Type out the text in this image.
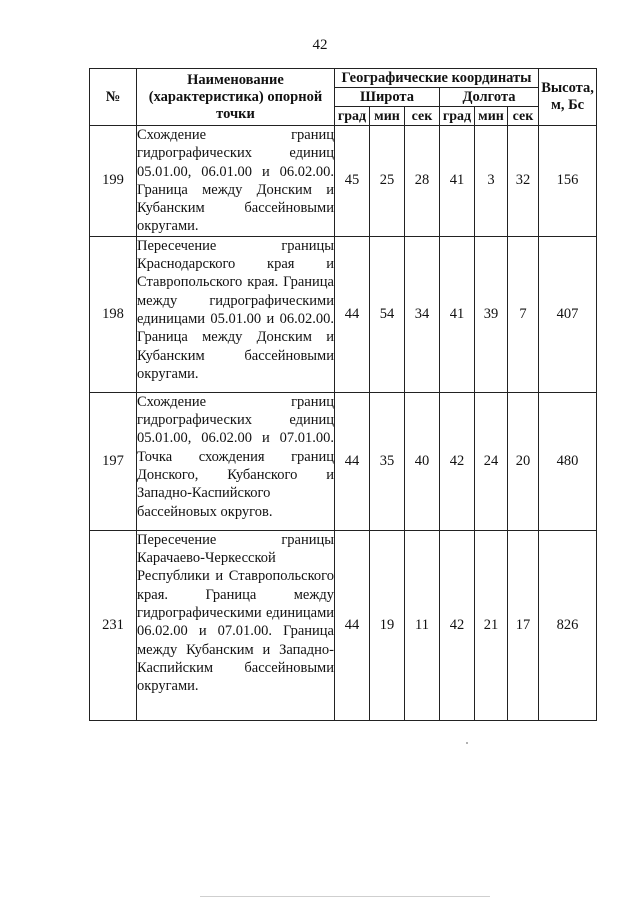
42
№	Наименование (характеристика) опорной точки	Географические координаты						Высота, м, Бс
		Широта			Долгота			
		град	мин	сек	град	мин	сек	
199	Схождение границ гидрографических единиц 05.01.00, 06.01.00 и 06.02.00. Граница между Донским и Кубанским бассейновыми округами.	45	25	28	41	3	32	156
198	Пересечение границы Краснодарского края и Ставропольского края. Граница между гидрографическими единицами 05.01.00 и 06.02.00. Граница между Донским и Кубанским бассейновыми округами.	44	54	34	41	39	7	407
197	Схождение границ гидрографических единиц 05.01.00, 06.02.00 и 07.01.00. Точка схождения границ Донского, Кубанского и Западно-Каспийского бассейновых округов.	44	35	40	42	24	20	480
231	Пересечение границы Карачаево-Черкесской Республики и Ставропольского края. Граница между гидрографическими единицами 06.02.00 и 07.01.00. Граница между Кубанским и Западно-Каспийским бассейновыми округами.	44	19	11	42	21	17	826
